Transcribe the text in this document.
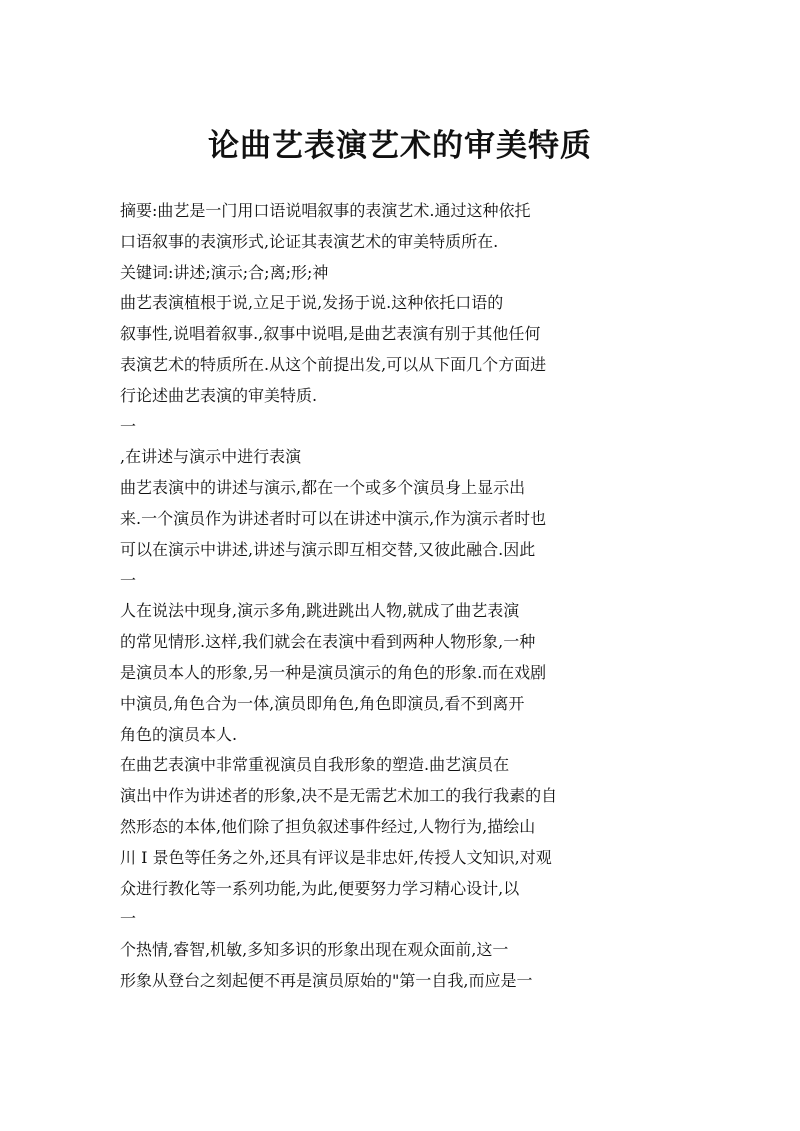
论曲艺表演艺术的审美特质
摘要:曲艺是一门用口语说唱叙事的表演艺术.通过这种依托
口语叙事的表演形式,论证其表演艺术的审美特质所在.
关键词:讲述;演示;合;离;形;神
曲艺表演植根于说,立足于说,发扬于说.这种依托口语的
叙事性,说唱着叙事.,叙事中说唱,是曲艺表演有别于其他任何
表演艺术的特质所在.从这个前提出发,可以从下面几个方面进
行论述曲艺表演的审美特质.
一
,在讲述与演示中进行表演
曲艺表演中的讲述与演示,都在一个或多个演员身上显示出
来.一个演员作为讲述者时可以在讲述中演示,作为演示者时也
可以在演示中讲述,讲述与演示即互相交替,又彼此融合.因此
一
人在说法中现身,演示多角,跳进跳出人物,就成了曲艺表演
的常见情形.这样,我们就会在表演中看到两种人物形象,一种
是演员本人的形象,另一种是演员演示的角色的形象.而在戏剧
中演员,角色合为一体,演员即角色,角色即演员,看不到离开
角色的演员本人.
在曲艺表演中非常重视演员自我形象的塑造.曲艺演员在
演出中作为讲述者的形象,决不是无需艺术加工的我行我素的自
然形态的本体,他们除了担负叙述事件经过,人物行为,描绘山
川 I 景色等任务之外,还具有评议是非忠奸,传授人文知识,对观
众进行教化等一系列功能,为此,便要努力学习精心设计,以
一
个热情,睿智,机敏,多知多识的形象出现在观众面前,这一
形象从登台之刻起便不再是演员原始的"第一自我,而应是一
